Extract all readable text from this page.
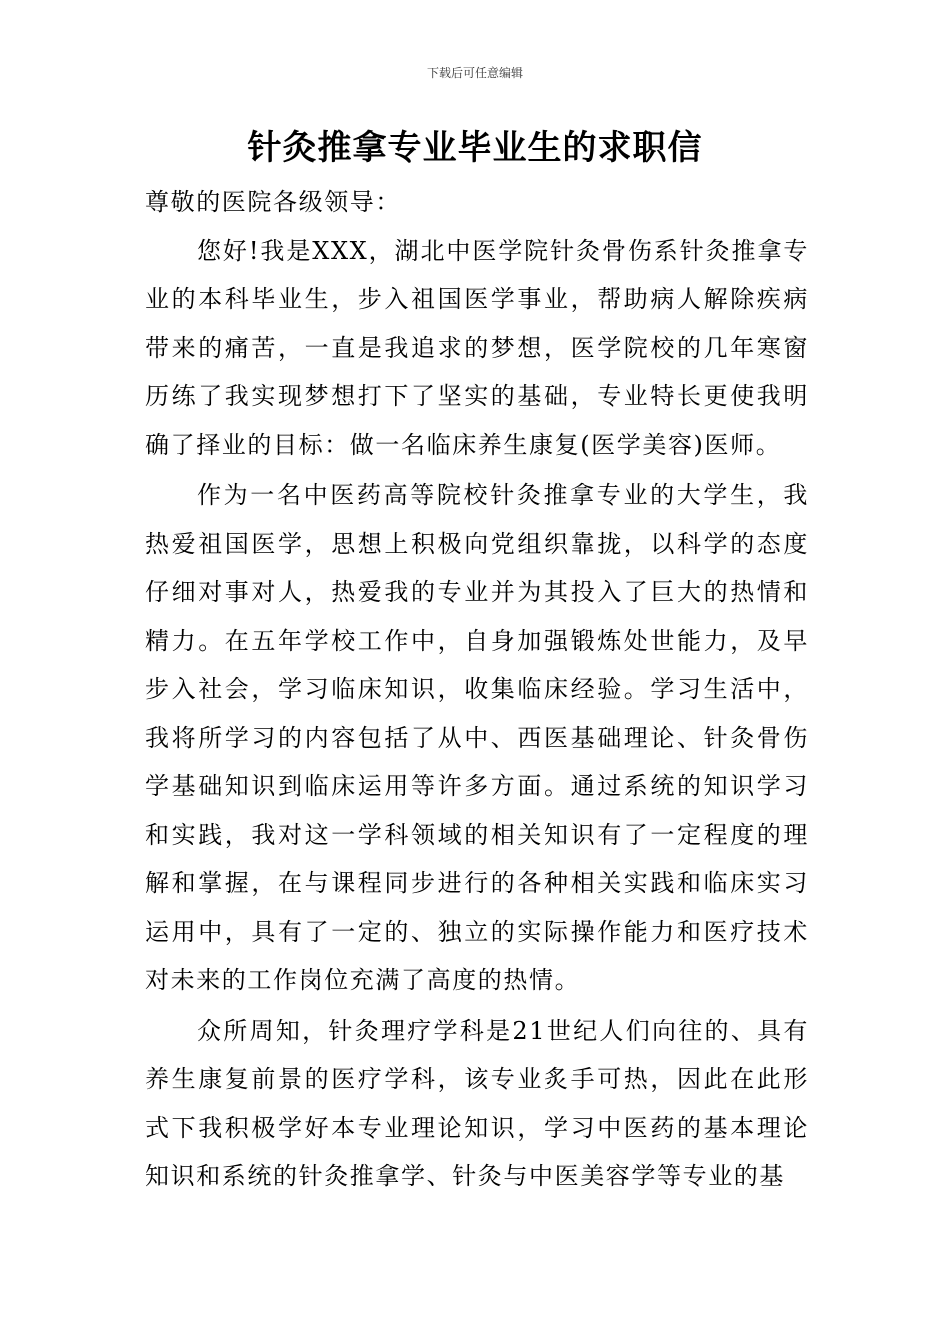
下载后可任意编辑
针灸推拿专业毕业生的求职信

尊敬的医院各级领导：

您好!我是XXX，湖北中医学院针灸骨伤系针灸推拿专业的本科毕业生，步入祖国医学事业，帮助病人解除疾病带来的痛苦，一直是我追求的梦想，医学院校的几年寒窗历练了我实现梦想打下了坚实的基础，专业特长更使我明确了择业的目标：做一名临床养生康复(医学美容)医师。

作为一名中医药高等院校针灸推拿专业的大学生，我热爱祖国医学，思想上积极向党组织靠拢，以科学的态度仔细对事对人，热爱我的专业并为其投入了巨大的热情和精力。在五年学校工作中，自身加强锻炼处世能力，及早步入社会，学习临床知识，收集临床经验。学习生活中，我将所学习的内容包括了从中、西医基础理论、针灸骨伤学基础知识到临床运用等许多方面。通过系统的知识学习和实践，我对这一学科领域的相关知识有了一定程度的理解和掌握，在与课程同步进行的各种相关实践和临床实习运用中，具有了一定的、独立的实际操作能力和医疗技术对未来的工作岗位充满了高度的热情。

众所周知，针灸理疗学科是21世纪人们向往的、具有养生康复前景的医疗学科，该专业炙手可热，因此在此形式下我积极学好本专业理论知识，学习中医药的基本理论知识和系统的针灸推拿学、针灸与中医美容学等专业的基
